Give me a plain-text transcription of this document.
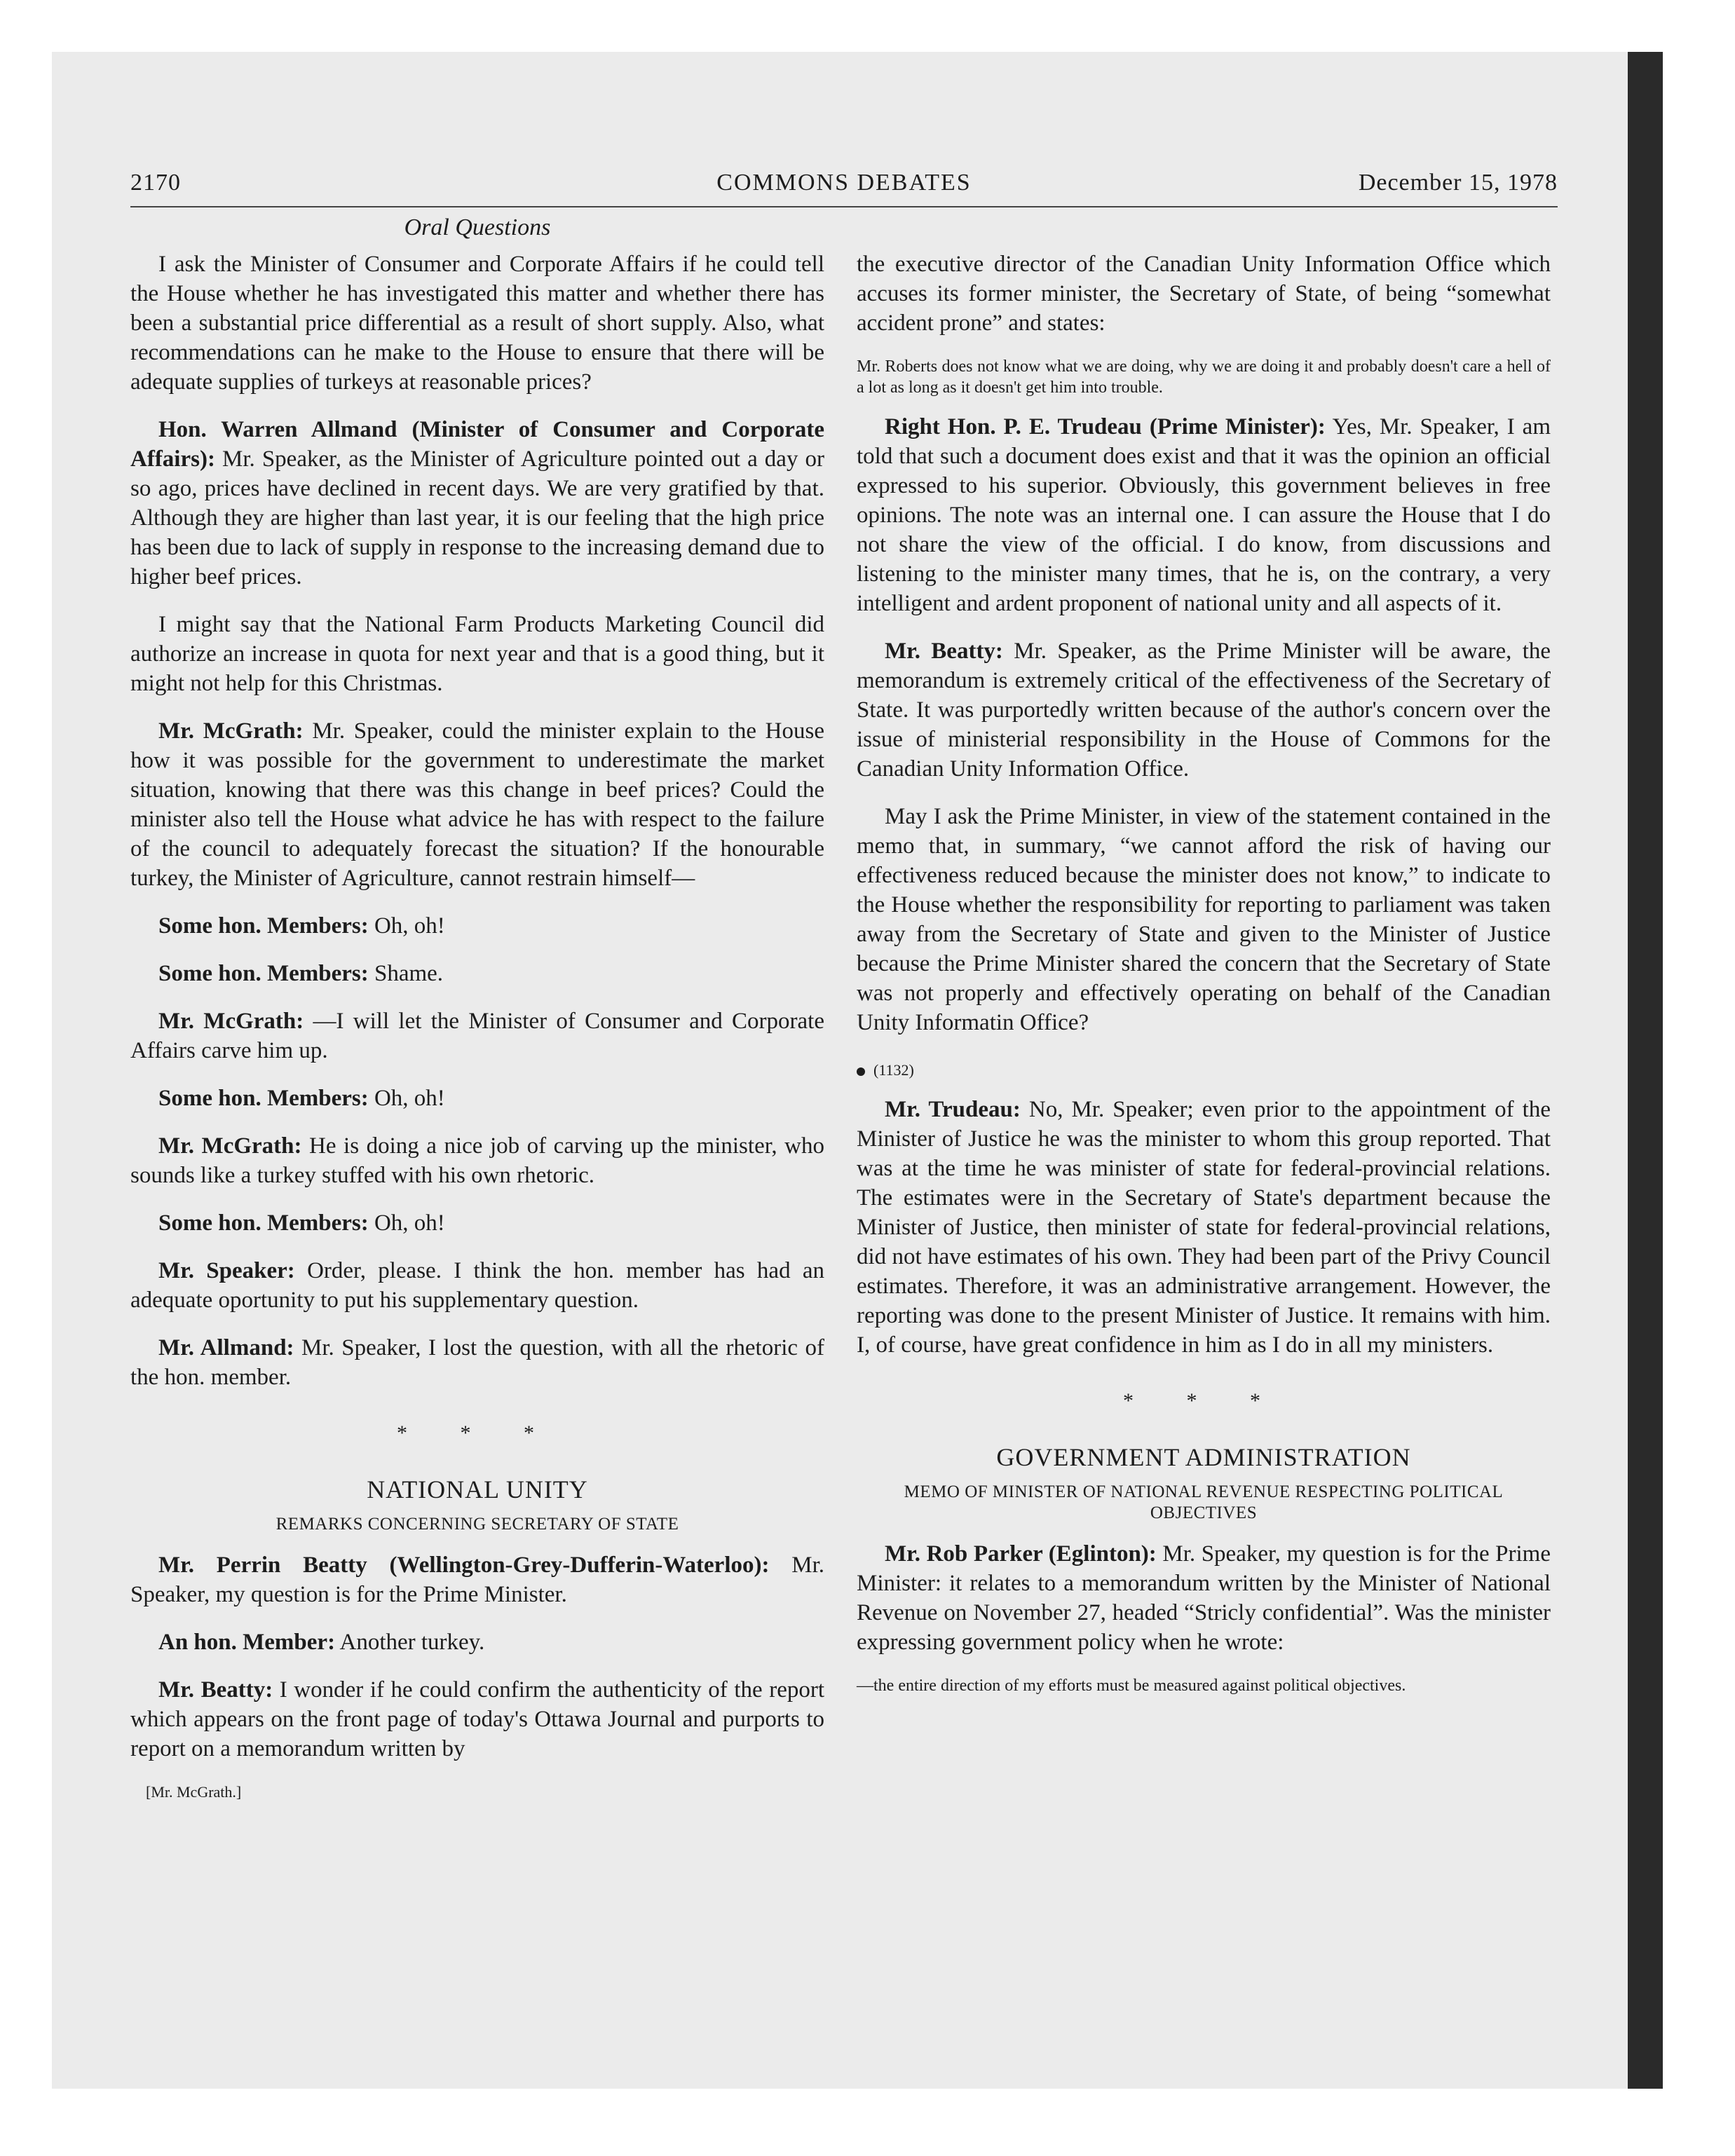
2170	COMMONS DEBATES	December 15, 1978
Oral Questions

I ask the Minister of Consumer and Corporate Affairs if he could tell the House whether he has investigated this matter and whether there has been a substantial price differential as a result of short supply. Also, what recommendations can he make to the House to ensure that there will be adequate supplies of turkeys at reasonable prices?

Hon. Warren Allmand (Minister of Consumer and Corporate Affairs): Mr. Speaker, as the Minister of Agriculture pointed out a day or so ago, prices have declined in recent days. We are very gratified by that. Although they are higher than last year, it is our feeling that the high price has been due to lack of supply in response to the increasing demand due to higher beef prices.

I might say that the National Farm Products Marketing Council did authorize an increase in quota for next year and that is a good thing, but it might not help for this Christmas.

Mr. McGrath: Mr. Speaker, could the minister explain to the House how it was possible for the government to underestimate the market situation, knowing that there was this change in beef prices? Could the minister also tell the House what advice he has with respect to the failure of the council to adequately forecast the situation? If the honourable turkey, the Minister of Agriculture, cannot restrain himself—

Some hon. Members: Oh, oh!

Some hon. Members: Shame.

Mr. McGrath: —I will let the Minister of Consumer and Corporate Affairs carve him up.

Some hon. Members: Oh, oh!

Mr. McGrath: He is doing a nice job of carving up the minister, who sounds like a turkey stuffed with his own rhetoric.

Some hon. Members: Oh, oh!

Mr. Speaker: Order, please. I think the hon. member has had an adequate oportunity to put his supplementary question.

Mr. Allmand: Mr. Speaker, I lost the question, with all the rhetoric of the hon. member.

* * *
NATIONAL UNITY
REMARKS CONCERNING SECRETARY OF STATE

Mr. Perrin Beatty (Wellington-Grey-Dufferin-Waterloo): Mr. Speaker, my question is for the Prime Minister.

An hon. Member: Another turkey.

Mr. Beatty: I wonder if he could confirm the authenticity of the report which appears on the front page of today's Ottawa Journal and purports to report on a memorandum written by

[Mr. McGrath.]

the executive director of the Canadian Unity Information Office which accuses its former minister, the Secretary of State, of being “somewhat accident prone” and states:

Mr. Roberts does not know what we are doing, why we are doing it and probably doesn't care a hell of a lot as long as it doesn't get him into trouble.

Right Hon. P. E. Trudeau (Prime Minister): Yes, Mr. Speaker, I am told that such a document does exist and that it was the opinion an official expressed to his superior. Obviously, this government believes in free opinions. The note was an internal one. I can assure the House that I do not share the view of the official. I do know, from discussions and listening to the minister many times, that he is, on the contrary, a very intelligent and ardent proponent of national unity and all aspects of it.

Mr. Beatty: Mr. Speaker, as the Prime Minister will be aware, the memorandum is extremely critical of the effectiveness of the Secretary of State. It was purportedly written because of the author's concern over the issue of ministerial responsibility in the House of Commons for the Canadian Unity Information Office.

May I ask the Prime Minister, in view of the statement contained in the memo that, in summary, “we cannot afford the risk of having our effectiveness reduced because the minister does not know,” to indicate to the House whether the responsibility for reporting to parliament was taken away from the Secretary of State and given to the Minister of Justice because the Prime Minister shared the concern that the Secretary of State was not properly and effectively operating on behalf of the Canadian Unity Informatin Office?

(1132)

Mr. Trudeau: No, Mr. Speaker; even prior to the appointment of the Minister of Justice he was the minister to whom this group reported. That was at the time he was minister of state for federal-provincial relations. The estimates were in the Secretary of State's department because the Minister of Justice, then minister of state for federal-provincial relations, did not have estimates of his own. They had been part of the Privy Council estimates. Therefore, it was an administrative arrangement. However, the reporting was done to the present Minister of Justice. It remains with him. I, of course, have great confidence in him as I do in all my ministers.

* * *
GOVERNMENT ADMINISTRATION
MEMO OF MINISTER OF NATIONAL REVENUE RESPECTING POLITICAL OBJECTIVES

Mr. Rob Parker (Eglinton): Mr. Speaker, my question is for the Prime Minister: it relates to a memorandum written by the Minister of National Revenue on November 27, headed “Stricly confidential”. Was the minister expressing government policy when he wrote:

—the entire direction of my efforts must be measured against political objectives.
